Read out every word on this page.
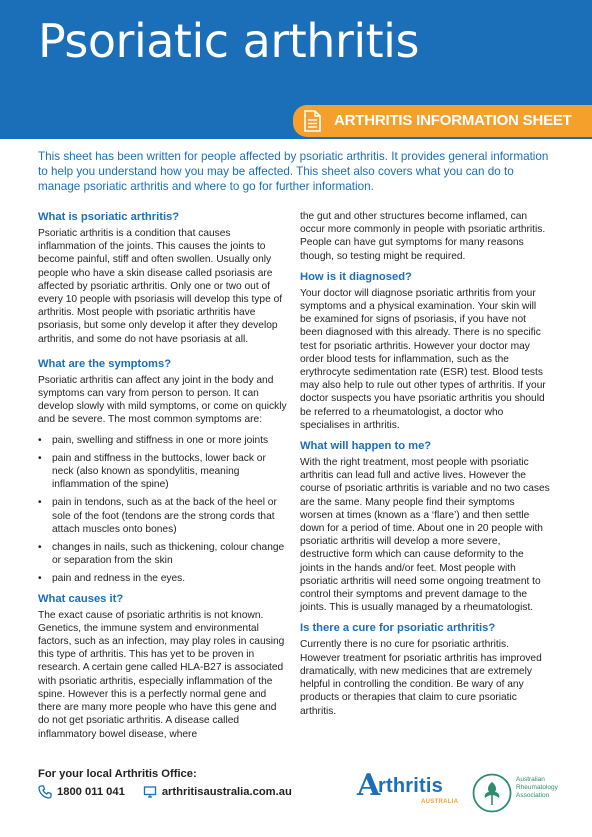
Psoriatic arthritis
ARTHRITIS INFORMATION SHEET

This sheet has been written for people affected by psoriatic arthritis. It provides general information to help you understand how you may be affected. This sheet also covers what you can do to manage psoriatic arthritis and where to go for further information.

What is psoriatic arthritis?

Psoriatic arthritis is a condition that causes inflammation of the joints. This causes the joints to become painful, stiff and often swollen. Usually only people who have a skin disease called psoriasis are affected by psoriatic arthritis. Only one or two out of every 10 people with psoriasis will develop this type of arthritis. Most people with psoriatic arthritis have psoriasis, but some only develop it after they develop arthritis, and some do not have psoriasis at all.

What are the symptoms?

Psoriatic arthritis can affect any joint in the body and symptoms can vary from person to person. It can develop slowly with mild symptoms, or come on quickly and be severe. The most common symptoms are:

• pain, swelling and stiffness in one or more joints
• pain and stiffness in the buttocks, lower back or neck (also known as spondylitis, meaning inflammation of the spine)
• pain in tendons, such as at the back of the heel or sole of the foot (tendons are the strong cords that attach muscles onto bones)
• changes in nails, such as thickening, colour change or separation from the skin
• pain and redness in the eyes.
What causes it?

The exact cause of psoriatic arthritis is not known. Genetics, the immune system and environmental factors, such as an infection, may play roles in causing this type of arthritis. This has yet to be proven in research. A certain gene called HLA-B27 is associated with psoriatic arthritis, especially inflammation of the spine. However this is a perfectly normal gene and there are many more people who have this gene and do not get psoriatic arthritis. A disease called inflammatory bowel disease, where

the gut and other structures become inflamed, can occur more commonly in people with psoriatic arthritis. People can have gut symptoms for many reasons though, so testing might be required.

How is it diagnosed?

Your doctor will diagnose psoriatic arthritis from your symptoms and a physical examination. Your skin will be examined for signs of psoriasis, if you have not been diagnosed with this already. There is no specific test for psoriatic arthritis. However your doctor may order blood tests for inflammation, such as the erythrocyte sedimentation rate (ESR) test. Blood tests may also help to rule out other types of arthritis. If your doctor suspects you have psoriatic arthritis you should be referred to a rheumatologist, a doctor who specialises in arthritis.

What will happen to me?

With the right treatment, most people with psoriatic arthritis can lead full and active lives. However the course of psoriatic arthritis is variable and no two cases are the same. Many people find their symptoms worsen at times (known as a ‘flare’) and then settle down for a period of time. About one in 20 people with psoriatic arthritis will develop a more severe, destructive form which can cause deformity to the joints in the hands and/or feet. Most people with psoriatic arthritis will need some ongoing treatment to control their symptoms and prevent damage to the joints. This is usually managed by a rheumatologist.

Is there a cure for psoriatic arthritis?

Currently there is no cure for psoriatic arthritis. However treatment for psoriatic arthritis has improved dramatically, with new medicines that are extremely helpful in controlling the condition. Be wary of any products or therapies that claim to cure psoriatic arthritis.

For your local Arthritis Office:

1800 011 041	arthritisaustralia.com.au A
rthritis
AUSTRALIA
Australian Rheumatology Association
